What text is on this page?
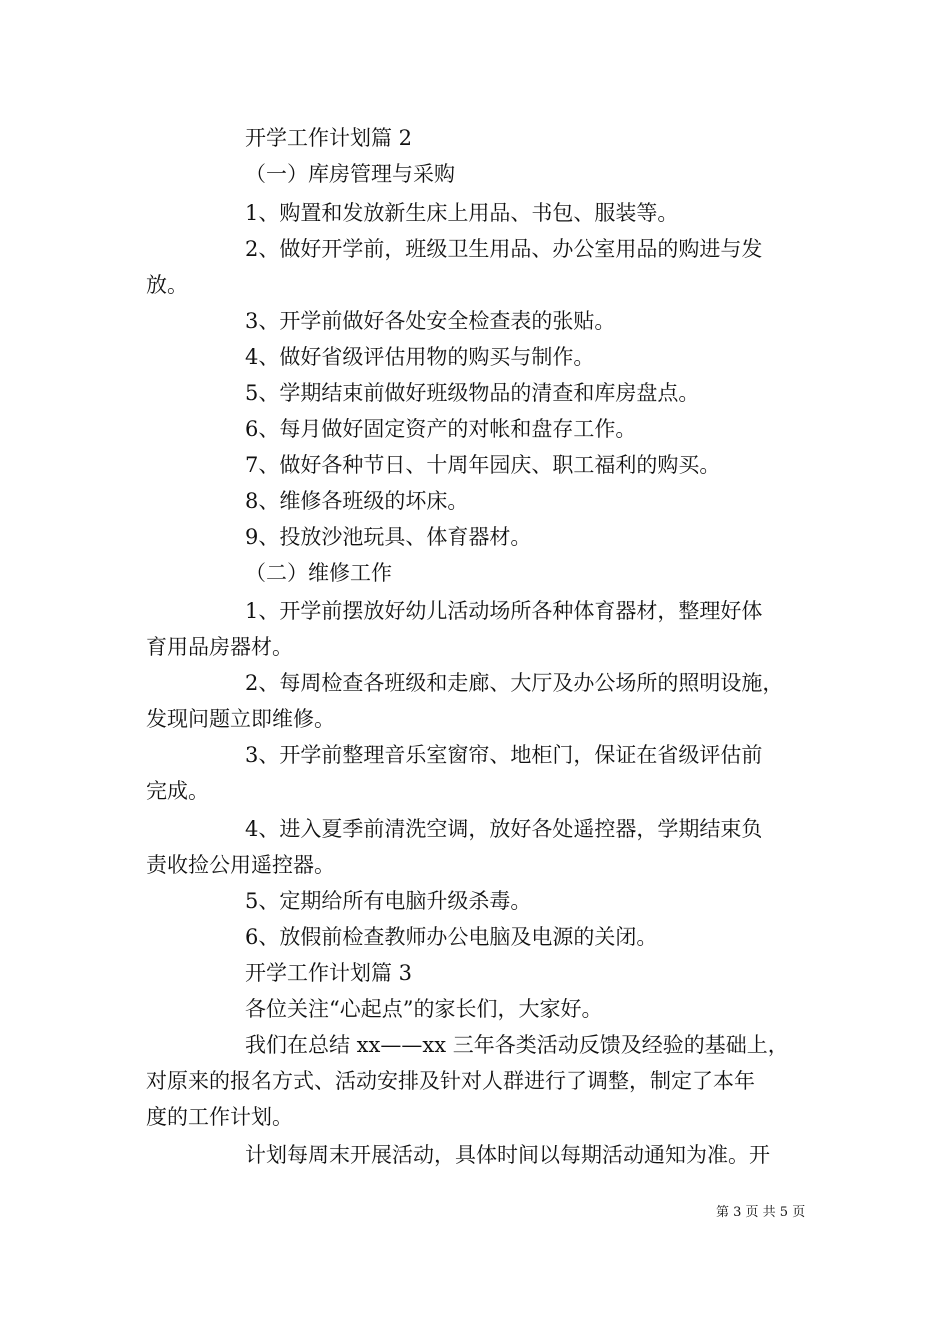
开学工作计划篇 2
（一）库房管理与采购
1、购置和发放新生床上用品、书包、服装等。
2、做好开学前，班级卫生用品、办公室用品的购进与发
放。
3、开学前做好各处安全检查表的张贴。
4、做好省级评估用物的购买与制作。
5、学期结束前做好班级物品的清查和库房盘点。
6、每月做好固定资产的对帐和盘存工作。
7、做好各种节日、十周年园庆、职工福利的购买。
8、维修各班级的坏床。
9、投放沙池玩具、体育器材。
（二）维修工作
1、开学前摆放好幼儿活动场所各种体育器材，整理好体
育用品房器材。
2、每周检查各班级和走廊、大厅及办公场所的照明设施，
发现问题立即维修。
3、开学前整理音乐室窗帘、地柜门，保证在省级评估前
完成。
4、进入夏季前清洗空调，放好各处遥控器，学期结束负
责收捡公用遥控器。
5、定期给所有电脑升级杀毒。
6、放假前检查教师办公电脑及电源的关闭。
开学工作计划篇 3
各位关注“心起点”的家长们，大家好。
我们在总结 xx——xx 三年各类活动反馈及经验的基础上，
对原来的报名方式、活动安排及针对人群进行了调整，制定了本年
度的工作计划。
计划每周末开展活动，具体时间以每期活动通知为准。开
第 3 页 共 5 页
